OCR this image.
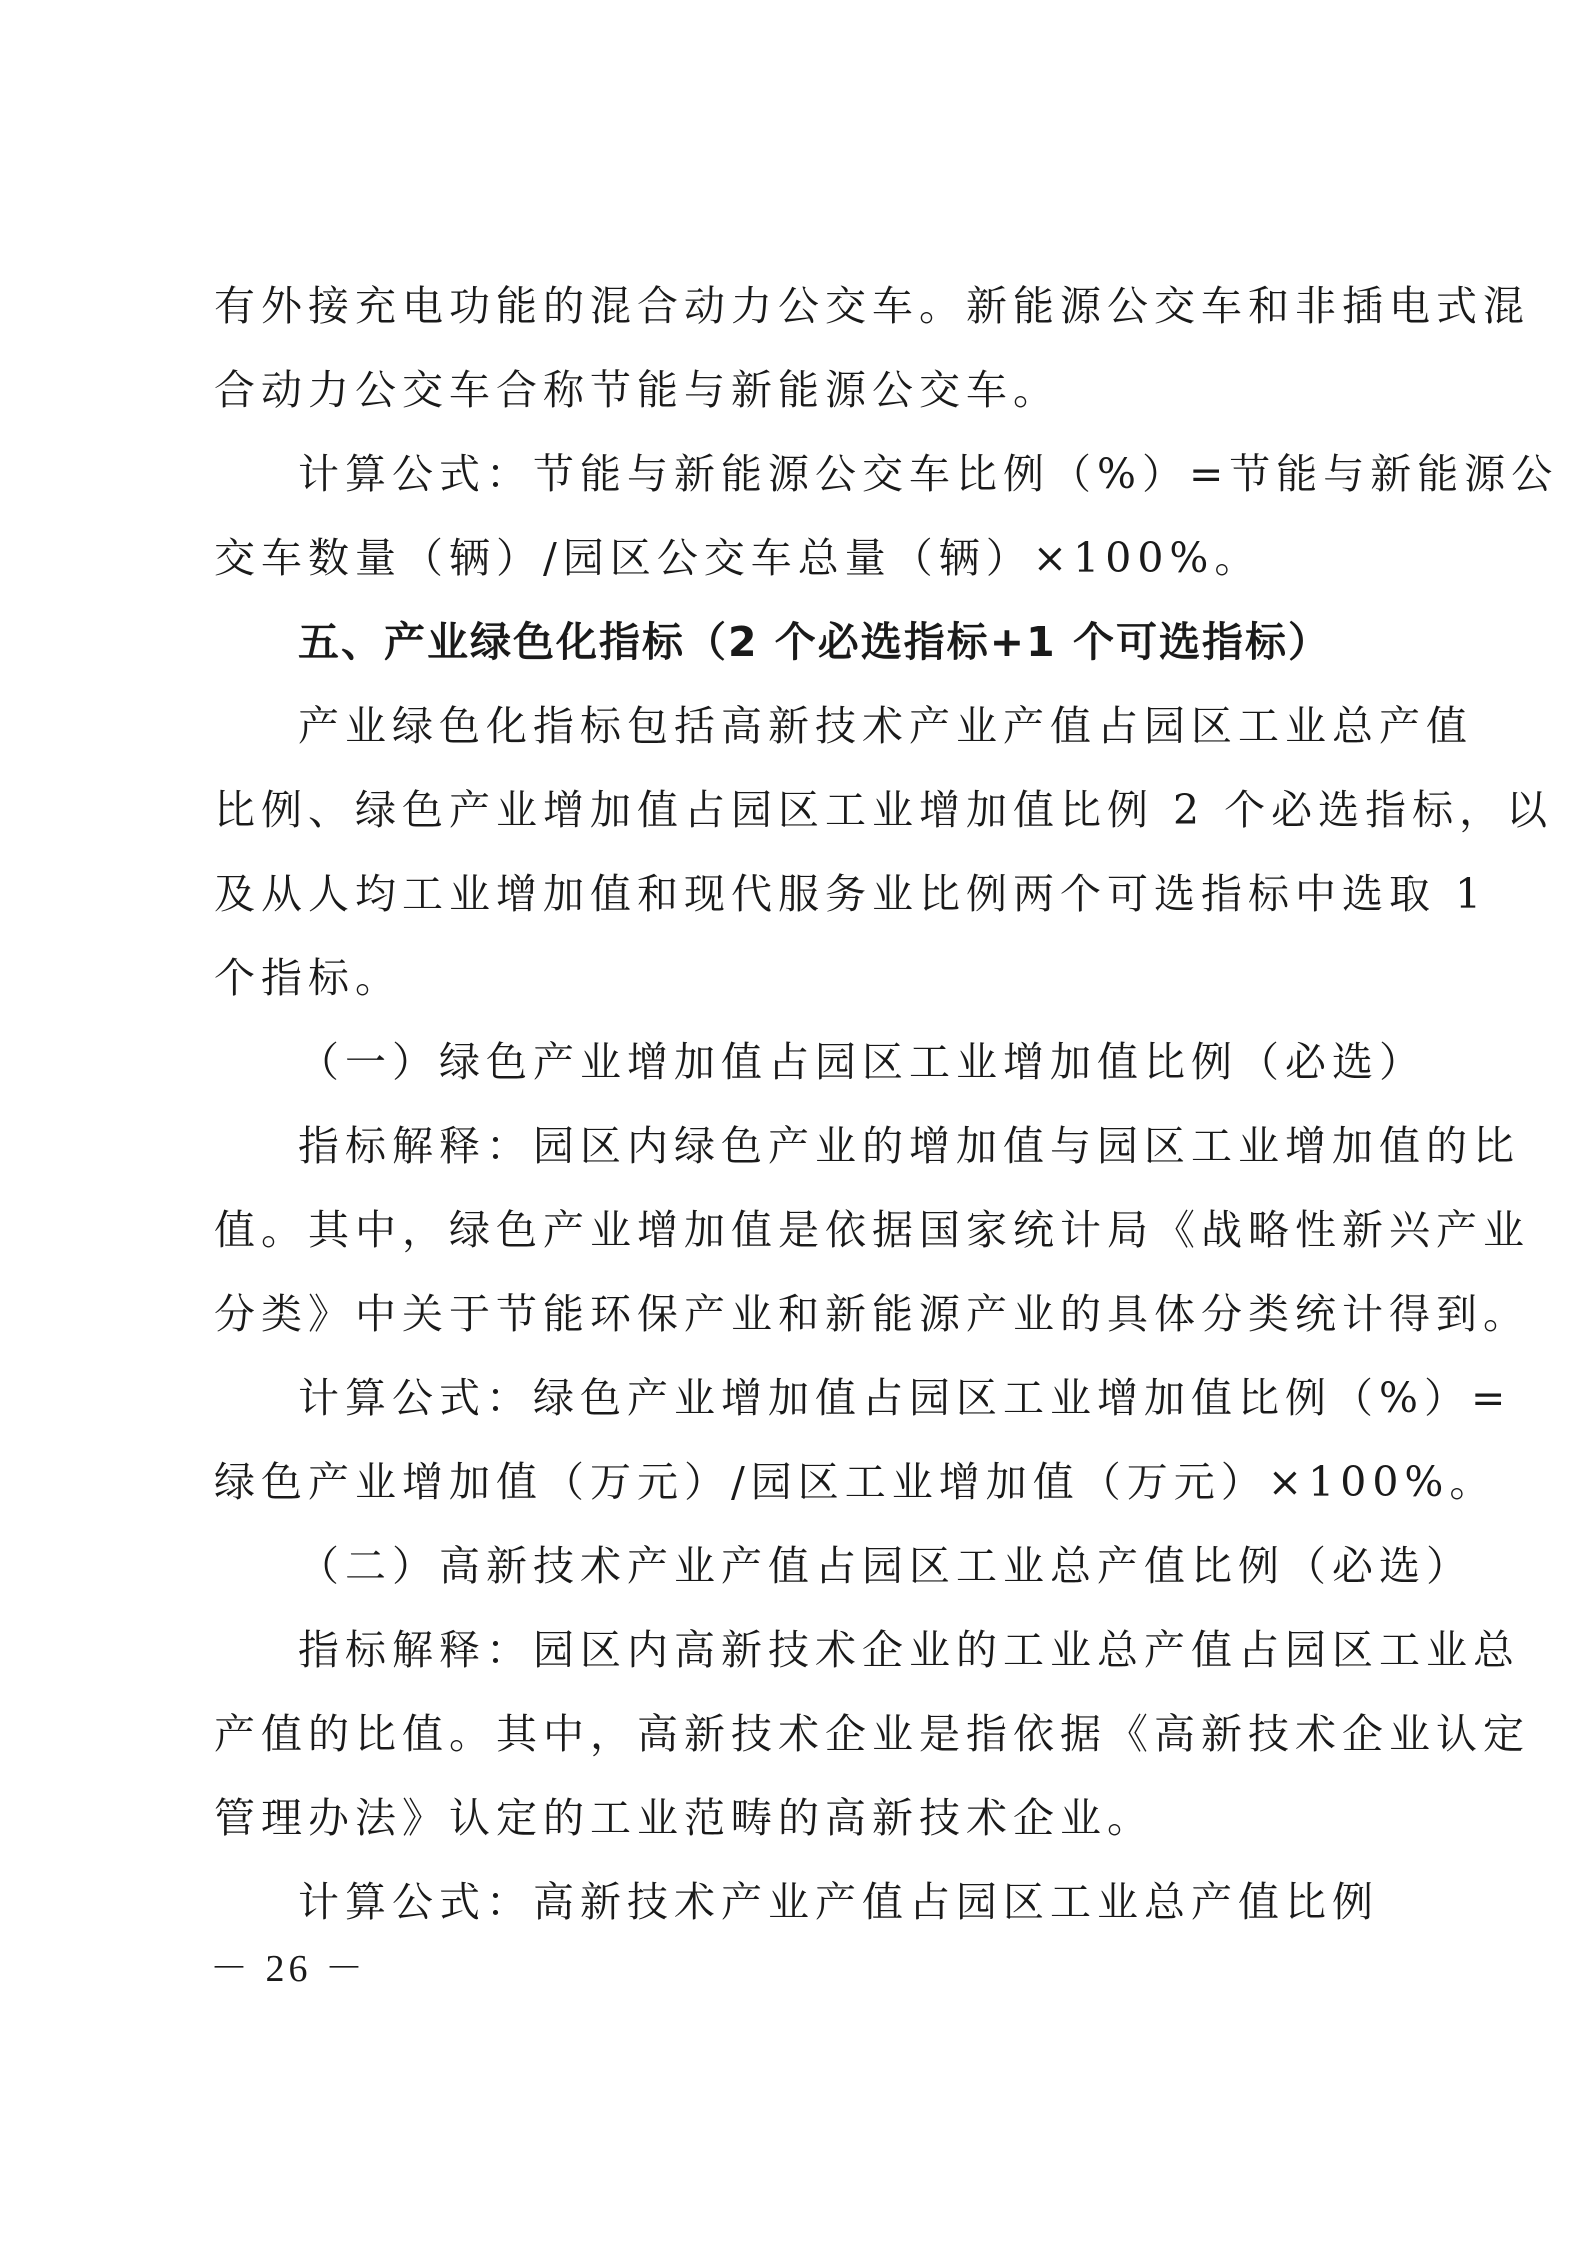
有外接充电功能的混合动力公交车。新能源公交车和非插电式混
合动力公交车合称节能与新能源公交车。
计算公式：节能与新能源公交车比例（%）=节能与新能源公
交车数量（辆）/园区公交车总量（辆）×100%。
五、产业绿色化指标（2 个必选指标+1 个可选指标）
产业绿色化指标包括高新技术产业产值占园区工业总产值
比例、绿色产业增加值占园区工业增加值比例 2 个必选指标，以
及从人均工业增加值和现代服务业比例两个可选指标中选取 1
个指标。
（一）绿色产业增加值占园区工业增加值比例（必选）
指标解释：园区内绿色产业的增加值与园区工业增加值的比
值。其中，绿色产业增加值是依据国家统计局《战略性新兴产业
分类》中关于节能环保产业和新能源产业的具体分类统计得到。
计算公式：绿色产业增加值占园区工业增加值比例（%）=
绿色产业增加值（万元）/园区工业增加值（万元）×100%。
（二）高新技术产业产值占园区工业总产值比例（必选）
指标解释：园区内高新技术企业的工业总产值占园区工业总
产值的比值。其中，高新技术企业是指依据《高新技术企业认定
管理办法》认定的工业范畴的高新技术企业。
计算公式：高新技术产业产值占园区工业总产值比例
－ 26 －
